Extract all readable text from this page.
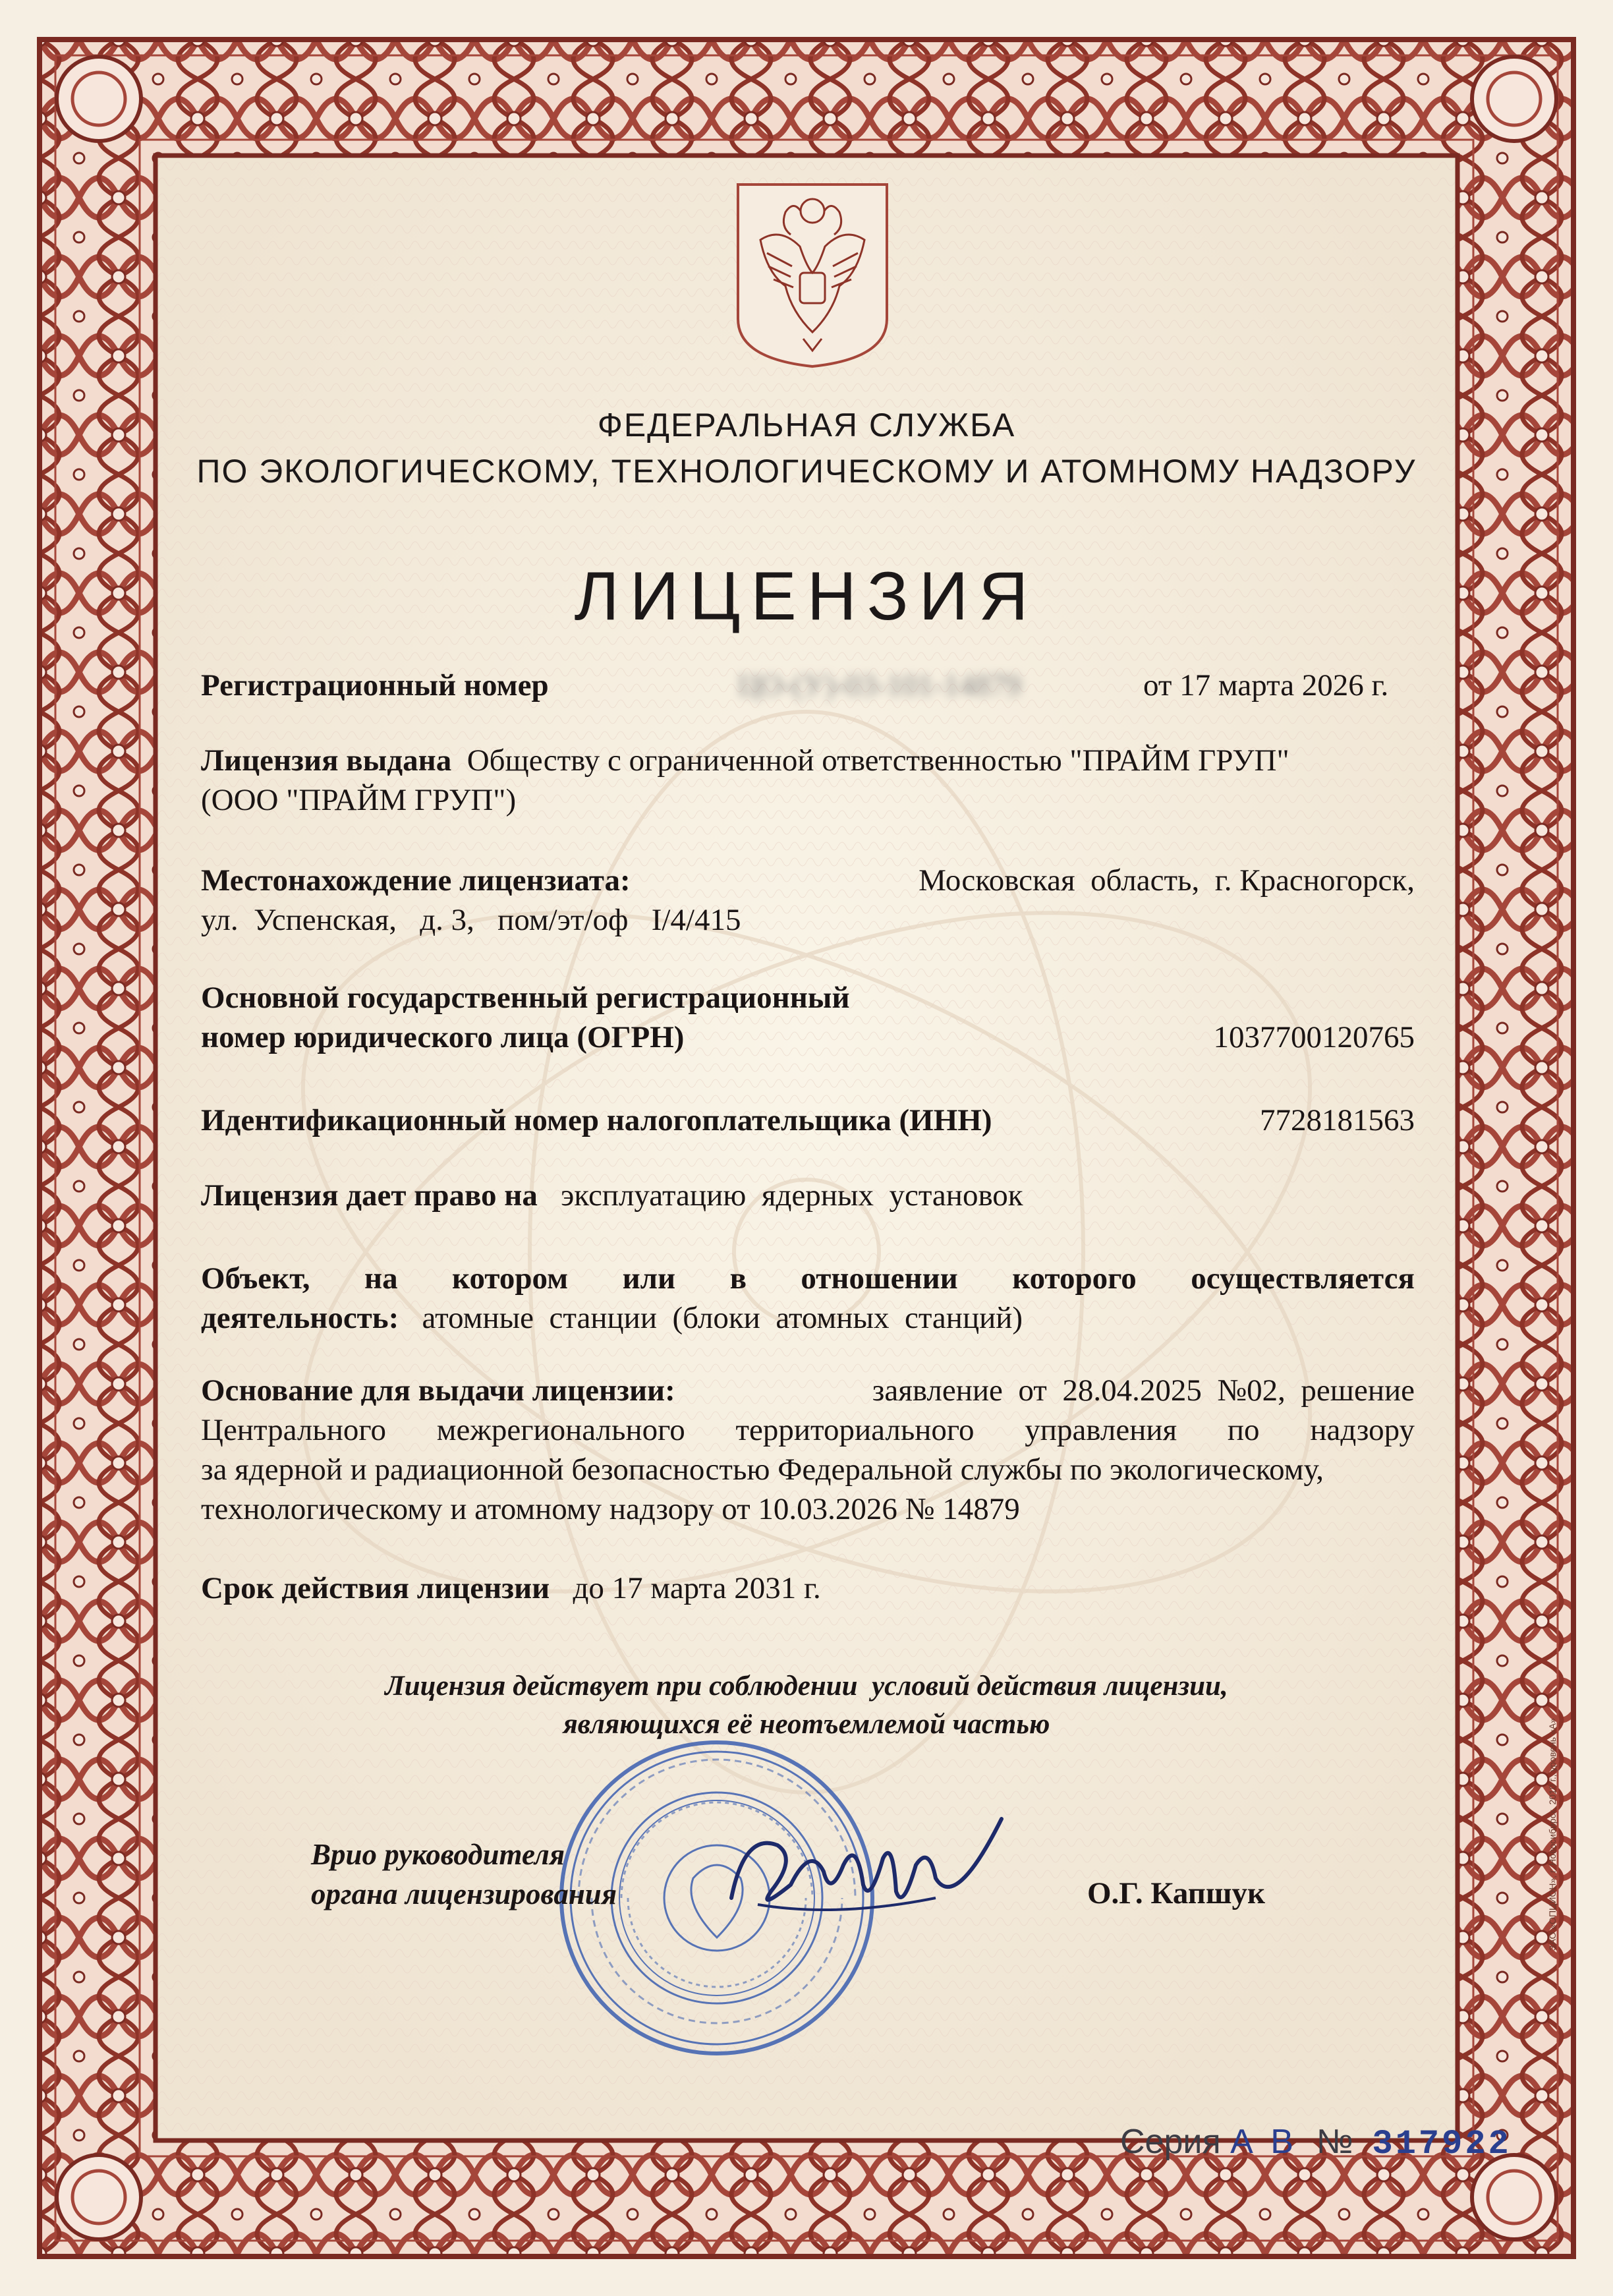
ФЕДЕРАЛЬНАЯ СЛУЖБА
ПО ЭКОЛОГИЧЕСКОМУ, ТЕХНОЛОГИЧЕСКОМУ И АТОМНОМУ НАДЗОРУ
ЛИЦЕНЗИЯ
Регистрационный номер	ЦО-(У)-03-101-14879	от 17 марта 2026 г.
Лицензия выдана Обществу с ограниченной ответственностью "ПРАЙМ ГРУП"
(ООО "ПРАЙМ ГРУП")
Местонахождение лицензиата:	Московская  область,  г. Красногорск,
ул.  Успенская,   д. 3,   пом/эт/оф   I/4/415
Основной государственный регистрационный
номер юридического лица (ОГРН)	1037700120765
Идентификационный номер налогоплательщика (ИНН)	7728181563
Лицензия дает право на эксплуатацию  ядерных  установок
Объект, на котором или в отношении которого осуществляется
деятельность: атомные  станции  (блоки  атомных  станций)
Основание для выдачи лицензии:	заявление  от  28.04.2025  №02,  решение
Центрального межрегионального территориального управления по надзору
за ядерной и радиационной безопасностью Федеральной службы по экологическому,
технологическому и атомному надзору от 10.03.2026 № 14879
Срок действия лицензии до 17 марта 2031 г.
Лицензия действует при соблюдении  условий действия лицензии,
являющихся её неотъемлемой частью
Врио руководителя
органа лицензирования	О.Г. Капшук
Серия А В № 317922
ЗАО «ОПЦИОН», г. Новосибирск, 2010 г., уровень «А»
